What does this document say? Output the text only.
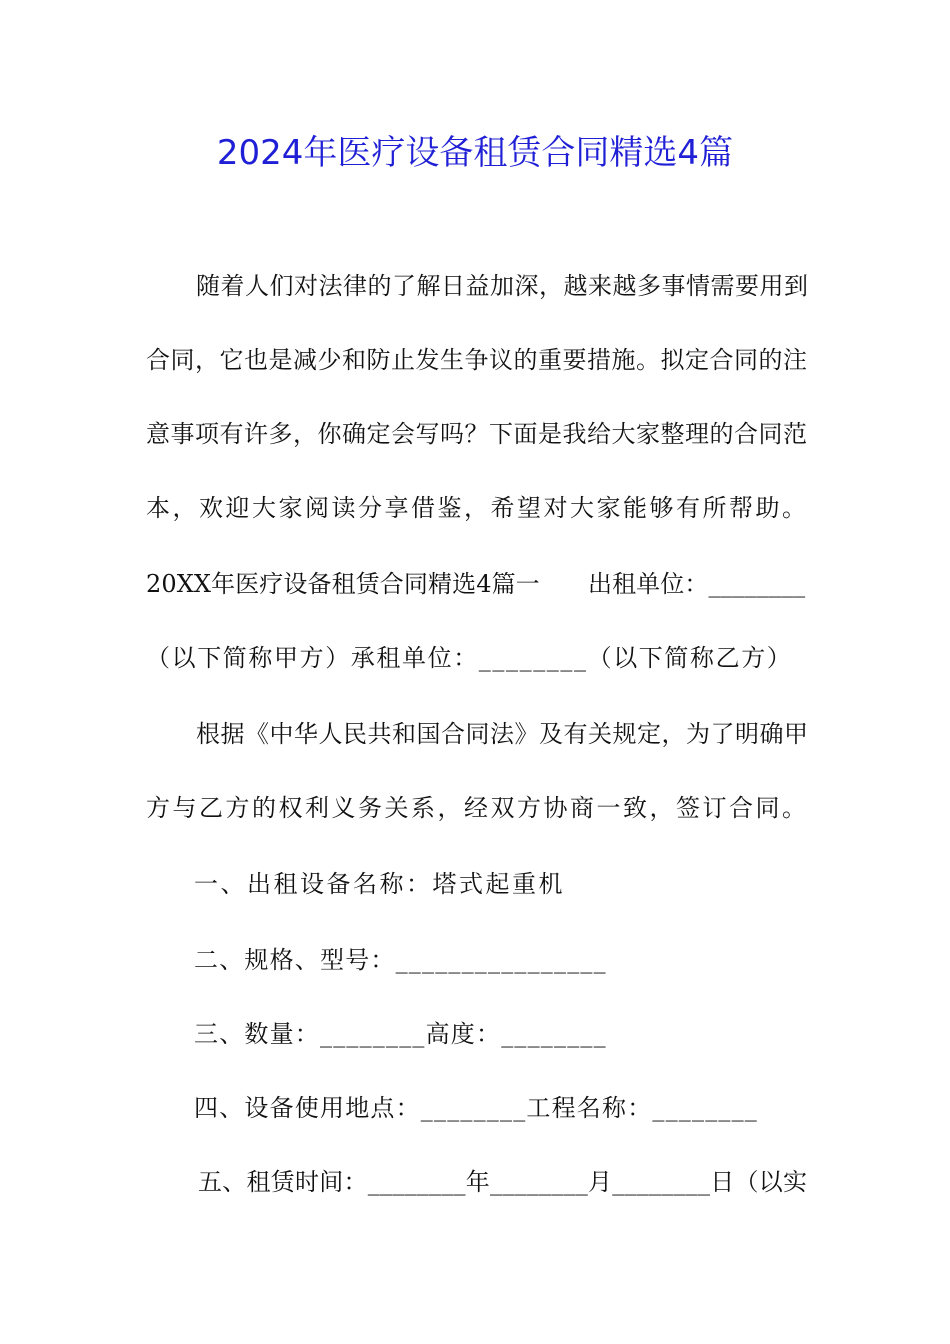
2024年医疗设备租赁合同精选4篇
随着人们对法律的了解日益加深，越来越多事情需要用到
合同，它也是减少和防止发生争议的重要措施。拟定合同的注
意事项有许多，你确定会写吗？下面是我给大家整理的合同范
本，欢迎大家阅读分享借鉴，希望对大家能够有所帮助。
20XX年医疗设备租赁合同精选4篇一　　出租单位：________
（以下简称甲方）承租单位：________（以下简称乙方）
根据《中华人民共和国合同法》及有关规定，为了明确甲
方与乙方的权利义务关系，经双方协商一致，签订合同。
一、出租设备名称：塔式起重机
二、规格、型号：________________
三、数量：________高度：________
四、设备使用地点：________工程名称：________
五、租赁时间：________年________月________日（以实
